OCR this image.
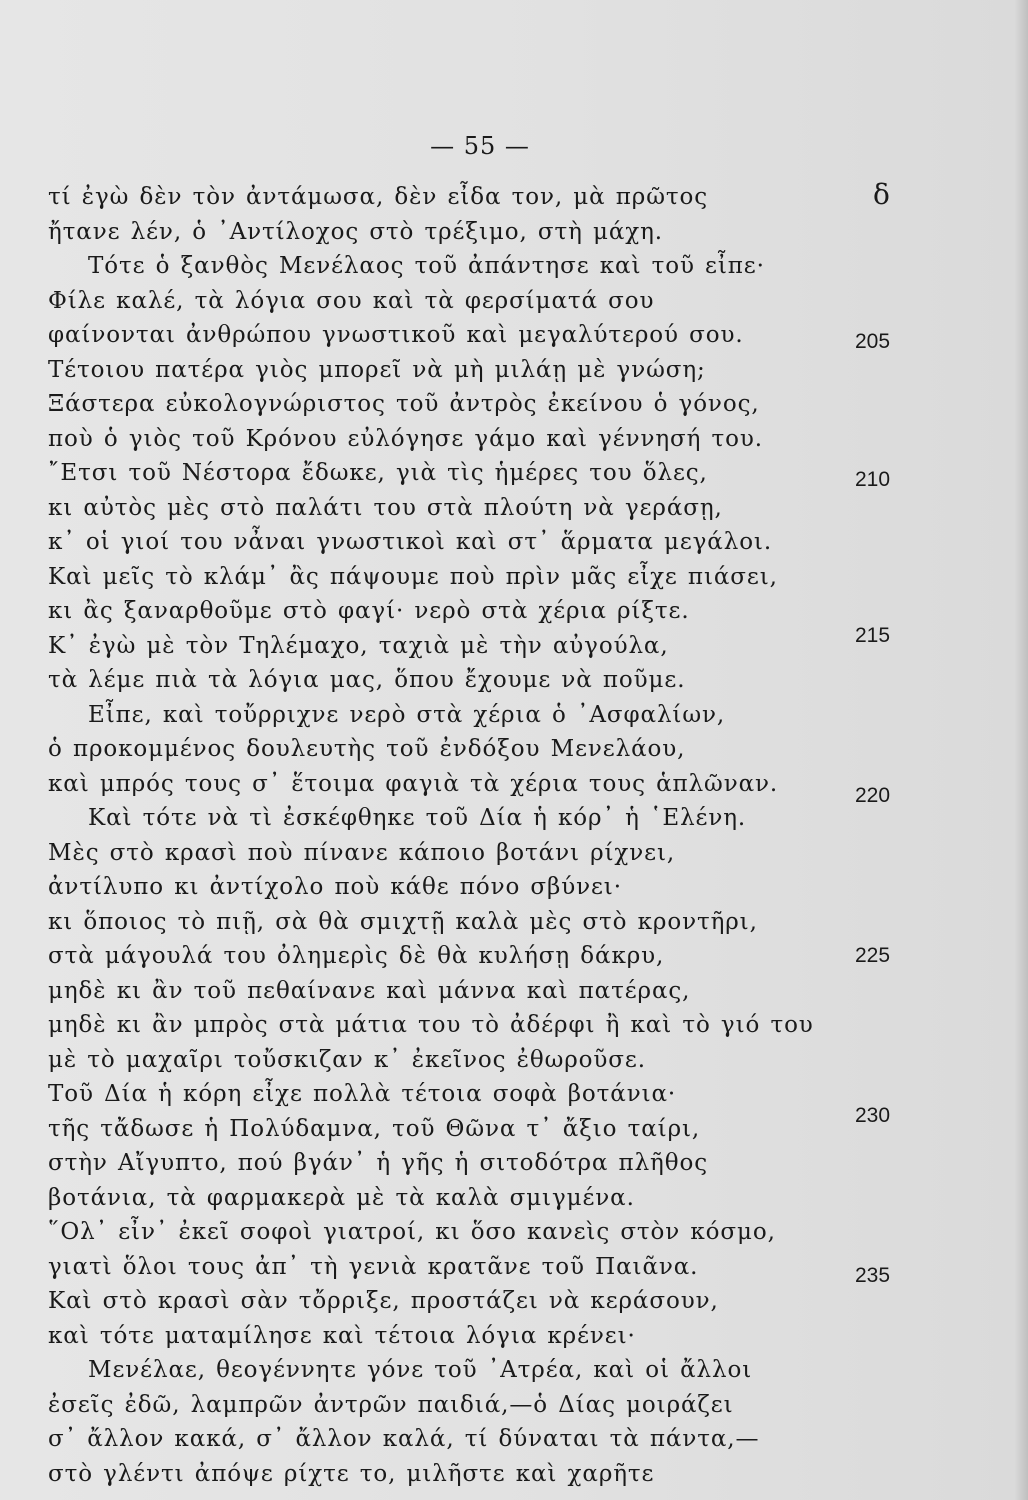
— 55 —
δ
τί ἐγὼ δὲν τὸν ἀντάμωσα, δὲν εἶδα τον, μὰ πρῶτος
ἤτανε λέν, ὁ ᾿Αντίλοχος στὸ τρέξιμο, στὴ μάχη.
Τότε ὁ ξανθὸς Μενέλαος τοῦ ἀπάντησε καὶ τοῦ εἶπε·
Φίλε καλέ, τὰ λόγια σου καὶ τὰ φερσίματά σου
φαίνονται ἀνθρώπου γνωστικοῦ καὶ μεγαλύτερού σου.
Τέτοιου πατέρα γιὸς μπορεῖ νὰ μὴ μιλάῃ μὲ γνώση;
Ξάστερα εὐκολογνώριστος τοῦ ἀντρὸς ἐκείνου ὁ γόνος,
ποὺ ὁ γιὸς τοῦ Κρόνου εὐλόγησε γάμο καὶ γέννησή του.
῎Ετσι τοῦ Νέστορα ἔδωκε, γιὰ τὶς ἡμέρες του ὅλες,
κι αὐτὸς μὲς στὸ παλάτι του στὰ πλούτη νὰ γεράσῃ,
κ᾿ οἱ γιοί του νἆναι γνωστικοὶ καὶ στ᾿ ἅρματα μεγάλοι.
Καὶ μεῖς τὸ κλάμ᾿ ἂς πάψουμε ποὺ πρὶν μᾶς εἶχε πιάσει,
κι ἂς ξαναρθοῦμε στὸ φαγί· νερὸ στὰ χέρια ρίξτε.
Κ᾿ ἐγὼ μὲ τὸν Τηλέμαχο, ταχιὰ μὲ τὴν αὐγούλα,
τὰ λέμε πιὰ τὰ λόγια μας, ὅπου ἔχουμε νὰ ποῦμε.
Εἶπε, καὶ τοὔρριχνε νερὸ στὰ χέρια ὁ ᾿Ασφαλίων,
ὁ προκομμένος δουλευτὴς τοῦ ἐνδόξου Μενελάου,
καὶ μπρός τους σ᾿ ἕτοιμα φαγιὰ τὰ χέρια τους ἁπλῶναν.
Καὶ τότε νὰ τὶ ἐσκέφθηκε τοῦ Δία ἡ κόρ᾿ ἡ ῾Ελένη.
Μὲς στὸ κρασὶ ποὺ πίνανε κάποιο βοτάνι ρίχνει,
ἀντίλυπο κι ἀντίχολο ποὺ κάθε πόνο σβύνει·
κι ὅποιος τὸ πιῇ, σὰ θὰ σμιχτῇ καλὰ μὲς στὸ κροντῆρι,
στὰ μάγουλά του ὀλημερὶς δὲ θὰ κυλήσῃ δάκρυ,
μηδὲ κι ἂν τοῦ πεθαίνανε καὶ μάννα καὶ πατέρας,
μηδὲ κι ἂν μπρὸς στὰ μάτια του τὸ ἀδέρφι ἢ καὶ τὸ γιό του
μὲ τὸ μαχαῖρι τοὔσκιζαν κ᾿ ἐκεῖνος ἐθωροῦσε.
Τοῦ Δία ἡ κόρη εἶχε πολλὰ τέτοια σοφὰ βοτάνια·
τῆς τἄδωσε ἡ Πολύδαμνα, τοῦ Θῶνα τ᾿ ἄξιο ταίρι,
στὴν Αἴγυπτο, πού βγάν᾿ ἡ γῆς ἡ σιτοδότρα πλῆθος
βοτάνια, τὰ φαρμακερὰ μὲ τὰ καλὰ σμιγμένα.
῞Ολ᾿ εἶν᾿ ἐκεῖ σοφοὶ γιατροί, κι ὅσο κανεὶς στὸν κόσμο,
γιατὶ ὅλοι τους ἀπ᾿ τὴ γενιὰ κρατᾶνε τοῦ Παιᾶνα.
Καὶ στὸ κρασὶ σὰν τὄρριξε, προστάζει νὰ κεράσουν,
καὶ τότε ματαμίλησε καὶ τέτοια λόγια κρένει·
Μενέλαε, θεογέννητε γόνε τοῦ ᾿Ατρέα, καὶ οἱ ἄλλοι
ἐσεῖς ἐδῶ, λαμπρῶν ἀντρῶν παιδιά,—ὁ Δίας μοιράζει
σ᾿ ἄλλον κακά, σ᾿ ἄλλον καλά, τί δύναται τὰ πάντα,—
στὸ γλέντι ἀπόψε ρίχτε το, μιλῆστε καὶ χαρῆτε
205
210
215
220
225
230
235
